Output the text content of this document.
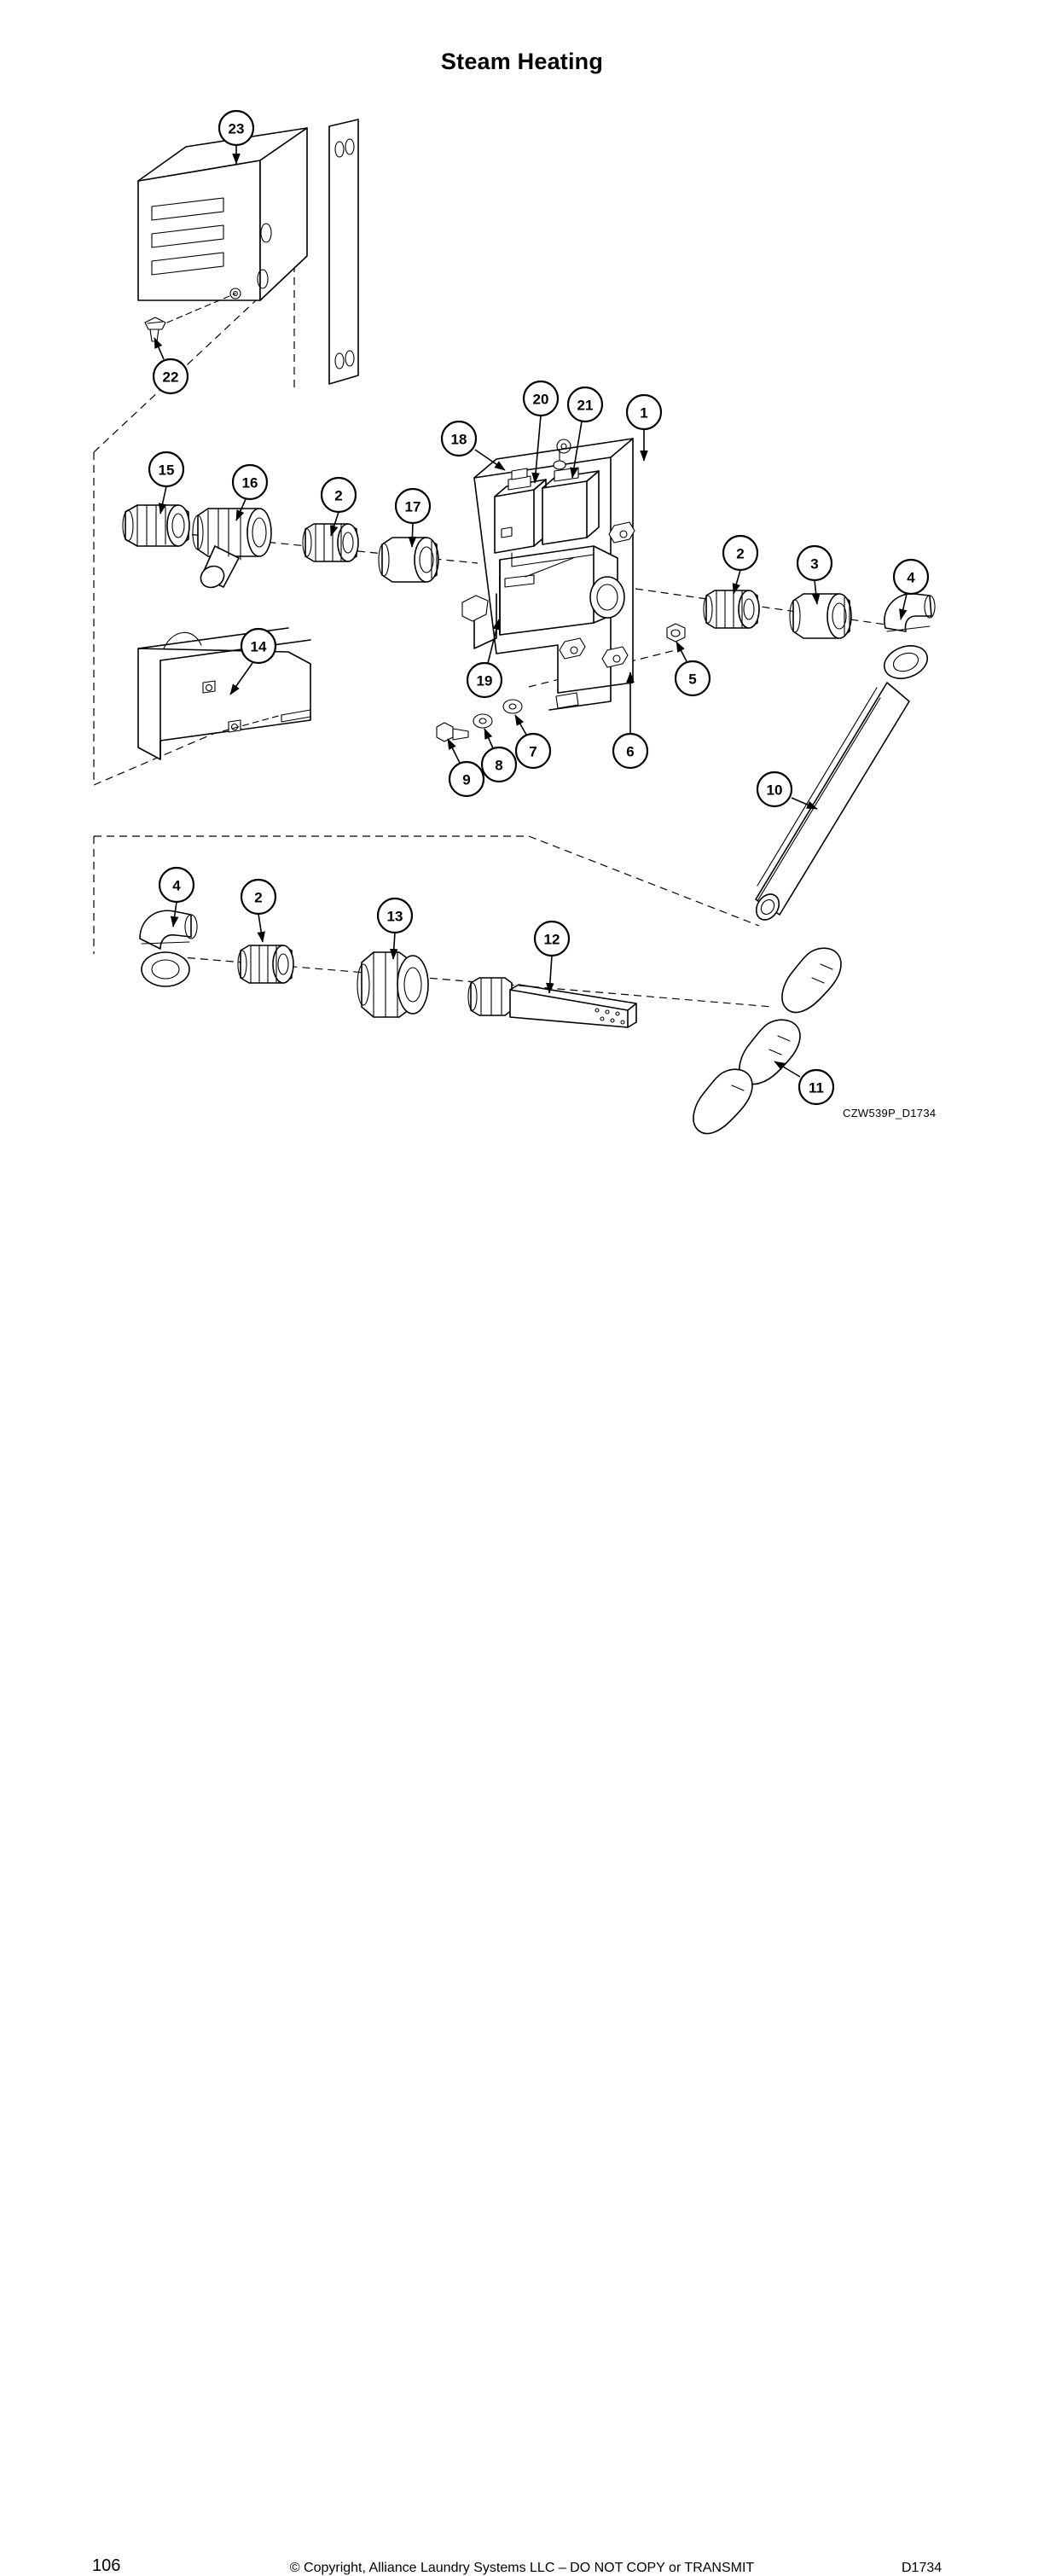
Steam Heating
1
2
2
2
3
4
4
5
6
7
8
9
10
11
12
13
14
15
16
17
18
19
20 21
22
23
CZW539P_D1734
106	© Copyright, Alliance Laundry Systems LLC – DO NOT COPY or TRANSMIT	D1734
